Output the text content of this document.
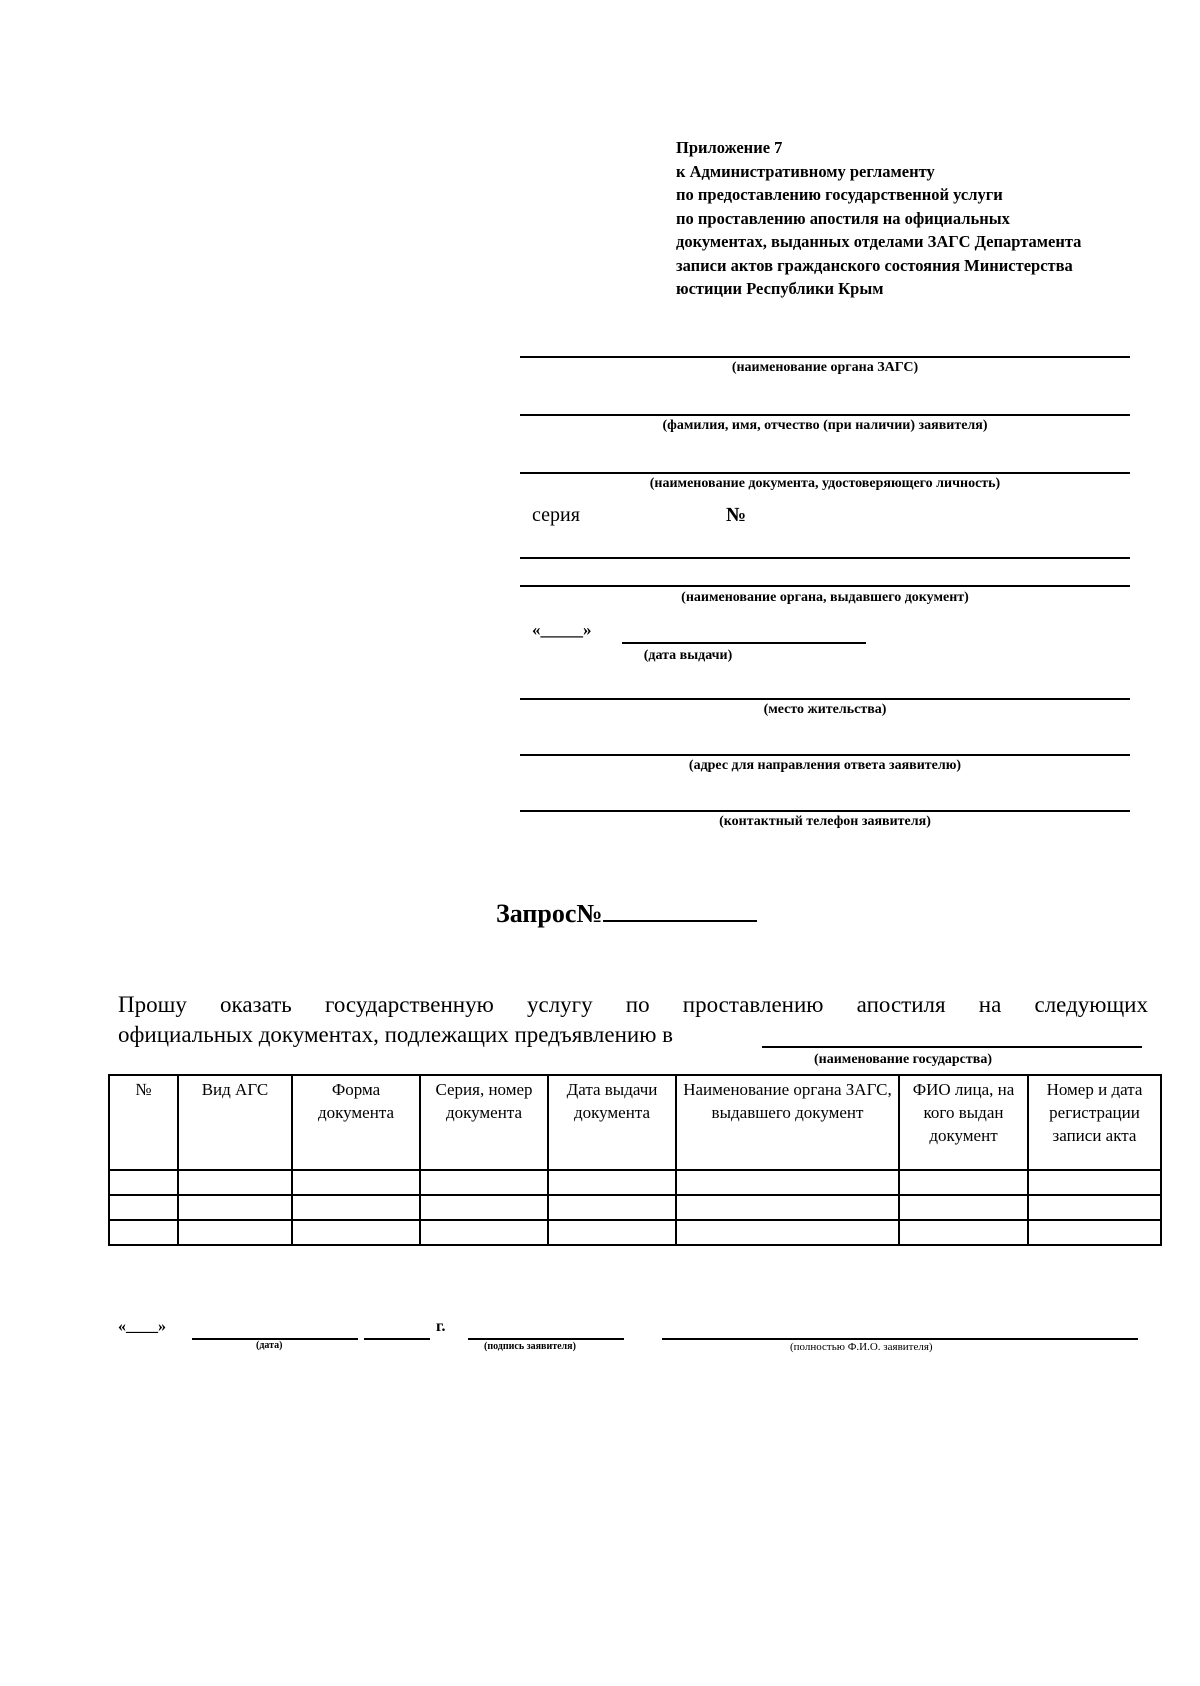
Приложение 7
к Административному регламенту
по предоставлению государственной услуги
по проставлению апостиля на официальных
документах, выданных отделами ЗАГС Департамента
записи актов гражданского состояния Министерства
юстиции Республики Крым
(наименование органа ЗАГС)
(фамилия, имя, отчество (при наличии) заявителя)
(наименование документа, удостоверяющего личность)
серия	№
(наименование органа, выдавшего документ)
«_____»
(дата выдачи)
(место жительства)
(адрес для направления ответа заявителю)
(контактный телефон заявителя)
Запрос№
Прошу оказать государственную услугу по проставлению апостиля на следующих
официальных документах, подлежащих предъявлению в
(наименование государства)
№	Вид АГС	Форма документа	Серия, номер документа	Дата выдачи документа	Наименование органа ЗАГС, выдавшего документ	ФИО лица, на кого выдан документ	Номер и дата регистрации записи акта

«____»	г.
(дата)	(подпись заявителя)	(полностью Ф.И.О. заявителя)
